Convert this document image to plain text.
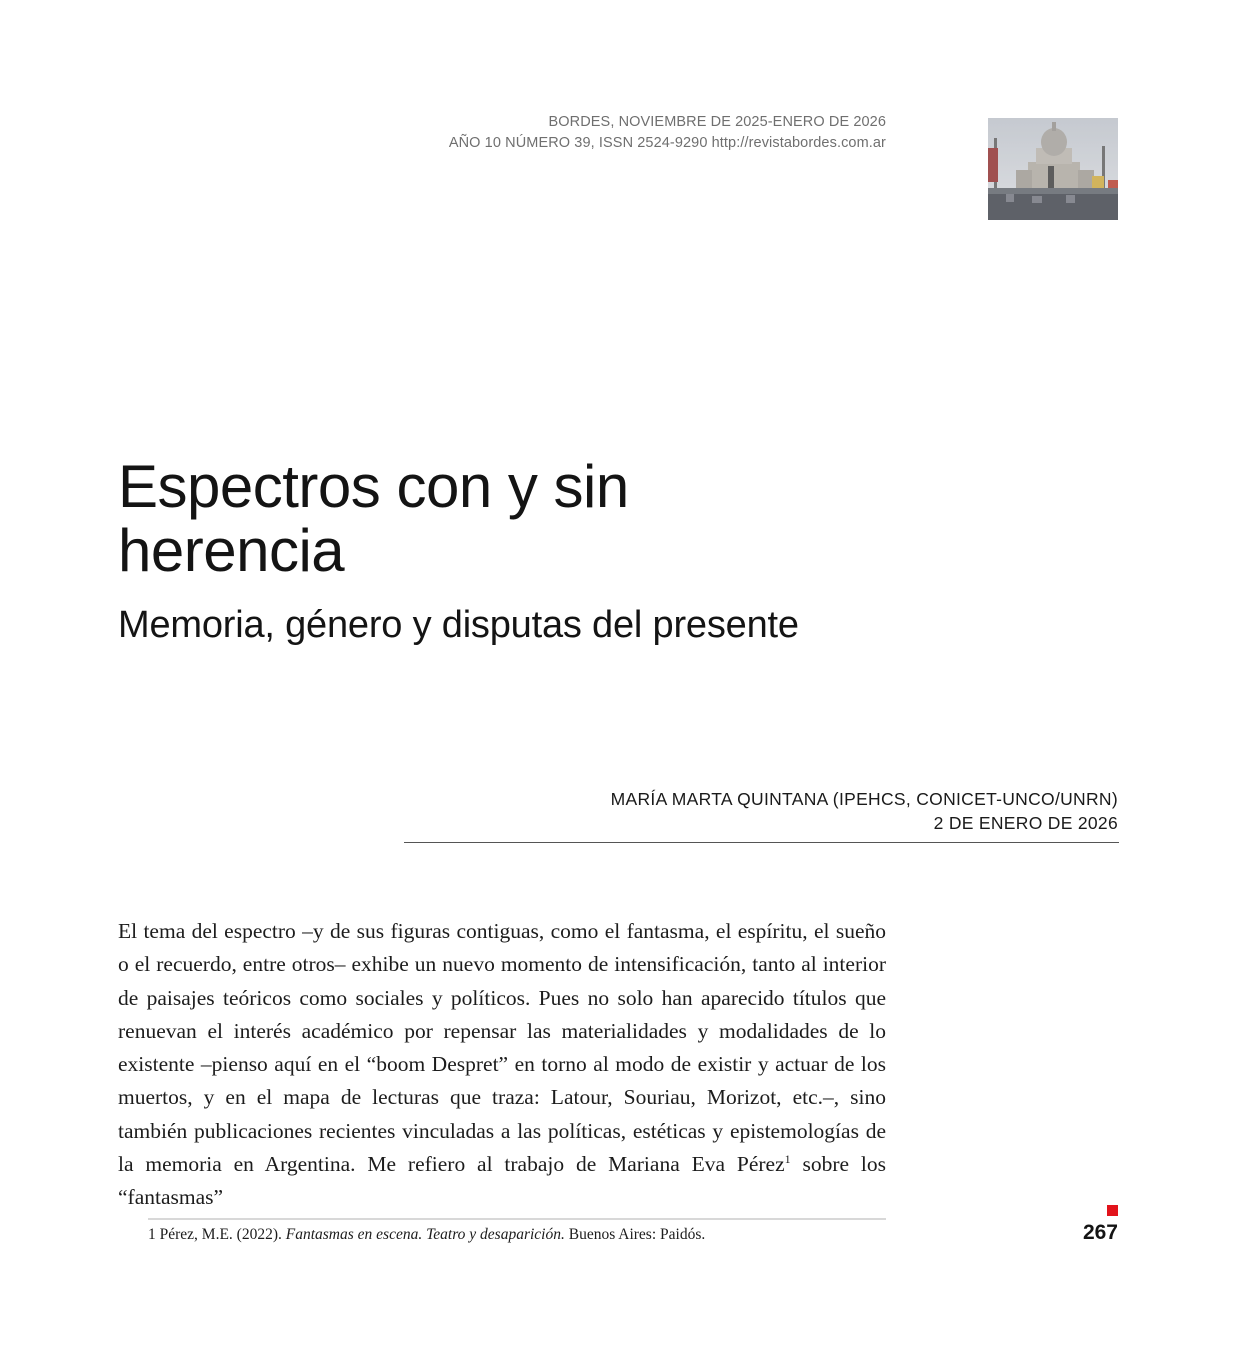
BORDES, NOVIEMBRE DE 2025-ENERO DE 2026
AÑO 10 NÚMERO 39, ISSN 2524-9290 http://revistabordes.com.ar
Espectros con y sin
herencia
Memoria, género y disputas del presente
MARÍA MARTA QUINTANA (IPEHCS, CONICET-UNCO/UNRN)
2 DE ENERO DE 2026

El tema del espectro –y de sus figuras contiguas, como el fantasma, el espíritu, el sueño o el recuerdo, entre otros– exhibe un nuevo momento de intensificación, tanto al interior de paisajes teóricos como sociales y políticos. Pues no solo han aparecido títulos que renuevan el interés académico por repensar las materialidades y modalidades de lo existente –pienso aquí en el “boom Despret” en torno al modo de existir y actuar de los muertos, y en el mapa de lecturas que traza: Latour, Souriau, Morizot, etc.–, sino también publicaciones recientes vinculadas a las políticas, estéticas y epistemologías de la memoria en Argentina. Me refiero al trabajo de Mariana Eva Pérez$^1$ sobre los “fantasmas”

1 Pérez, M.E. (2022). Fantasmas en escena. Teatro y desaparición. Buenos Aires: Paidós.	267
